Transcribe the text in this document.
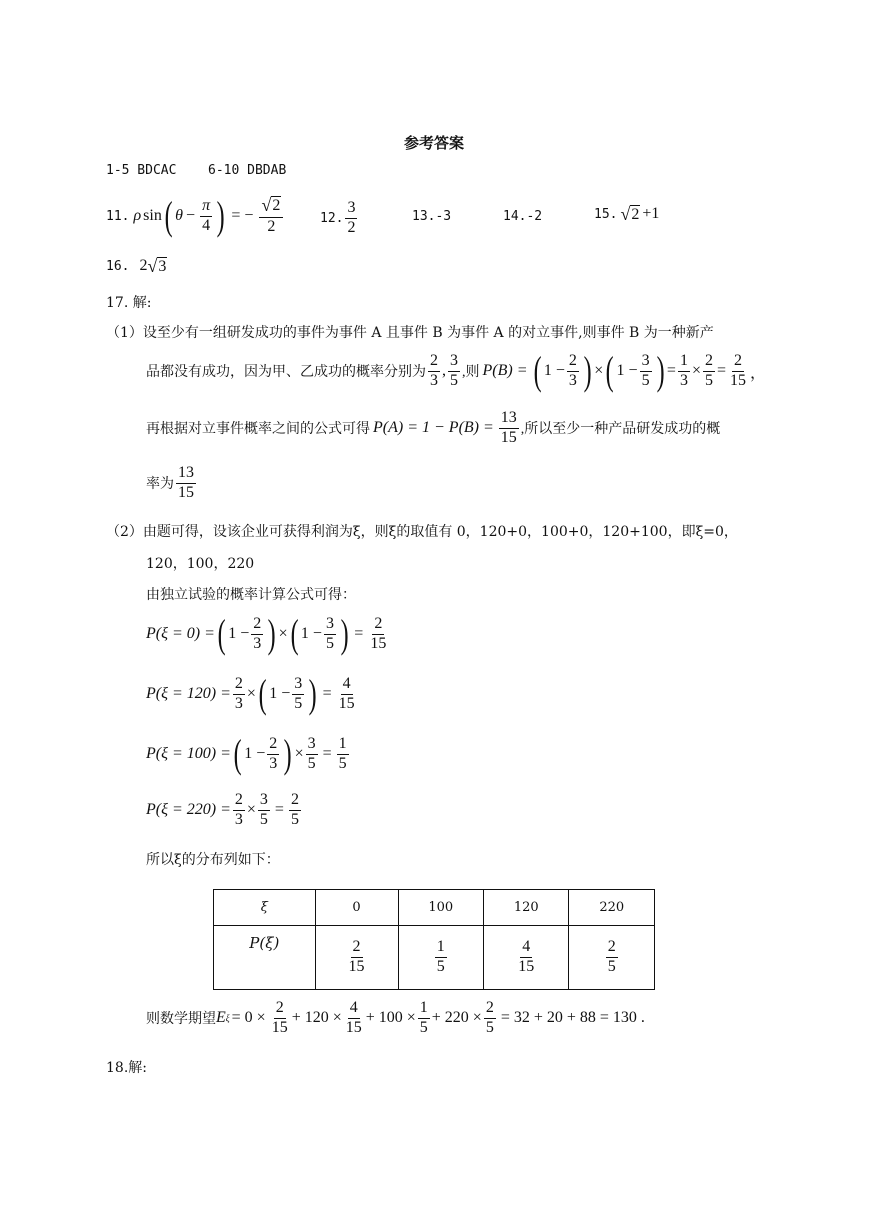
参考答案
1-5 BDCAC 6-10 DBDAB
11. ρ sin ( $\theta - \frac{\pi}{4}$ ) = − $\frac{√ 2}{2}$	12. $\frac{3}{2}$	13.-3	14.-2	15. √ 2 +1
16. 2 √ 3
17. 解:
（1）设至少有一组研发成功的事件为事件 A 且事件 B 为事件 A 的对立事件,则事件 B 为一种新产
品都没有成功，因为甲、乙成功的概率分别为 $\frac{2}{3}$ , $\frac{3}{5}$ ,则 P(B) = ( $1 - \frac{2}{3}$ ) × ( $1 - \frac{3}{5}$ ) = $\frac{1}{3} \times \frac{2}{5} = \frac{2}{15}$ ，
再根据对立事件概率之间的公式可得 $P(A) = 1 - P(B) = \frac{13}{15}$ ,所以至少一种产品研发成功的概
率为 $\frac{13}{15}$
（2）由题可得，设该企业可获得利润为ξ，则ξ的取值有 0，120+0，100+0，120+100，即ξ=0，
120，100，220
由独立试验的概率计算公式可得：
P(ξ = 0) = ( $1 - \frac{2}{3}$ ) × ( $1 - \frac{3}{5}$ ) = $\frac{2}{15}$
$P(\xi = 120) = \frac{2}{3}$ × ( $1 - \frac{3}{5}$ ) = $\frac{4}{15}$
P(ξ = 100) = ( $1 - \frac{2}{3}$ ) × $\frac{3}{5} = \frac{1}{5}$
$P(\xi = 220) = \frac{2}{3} \times \frac{3}{5} = \frac{2}{5}$
所以ξ的分布列如下：
ξ	0	100	120	220
P(ξ)	$\frac{2}{15}$	$\frac{1}{5}$	$\frac{4}{15}$	$\frac{2}{5}$
则数学期望 E $\xi = 0 \times \frac{2}{15} + 120 \times \frac{4}{15} + 100 \times \frac{1}{5} + 220 \times \frac{2}{5} = 32 + 20 + 88 = 130$ .
18.解:
